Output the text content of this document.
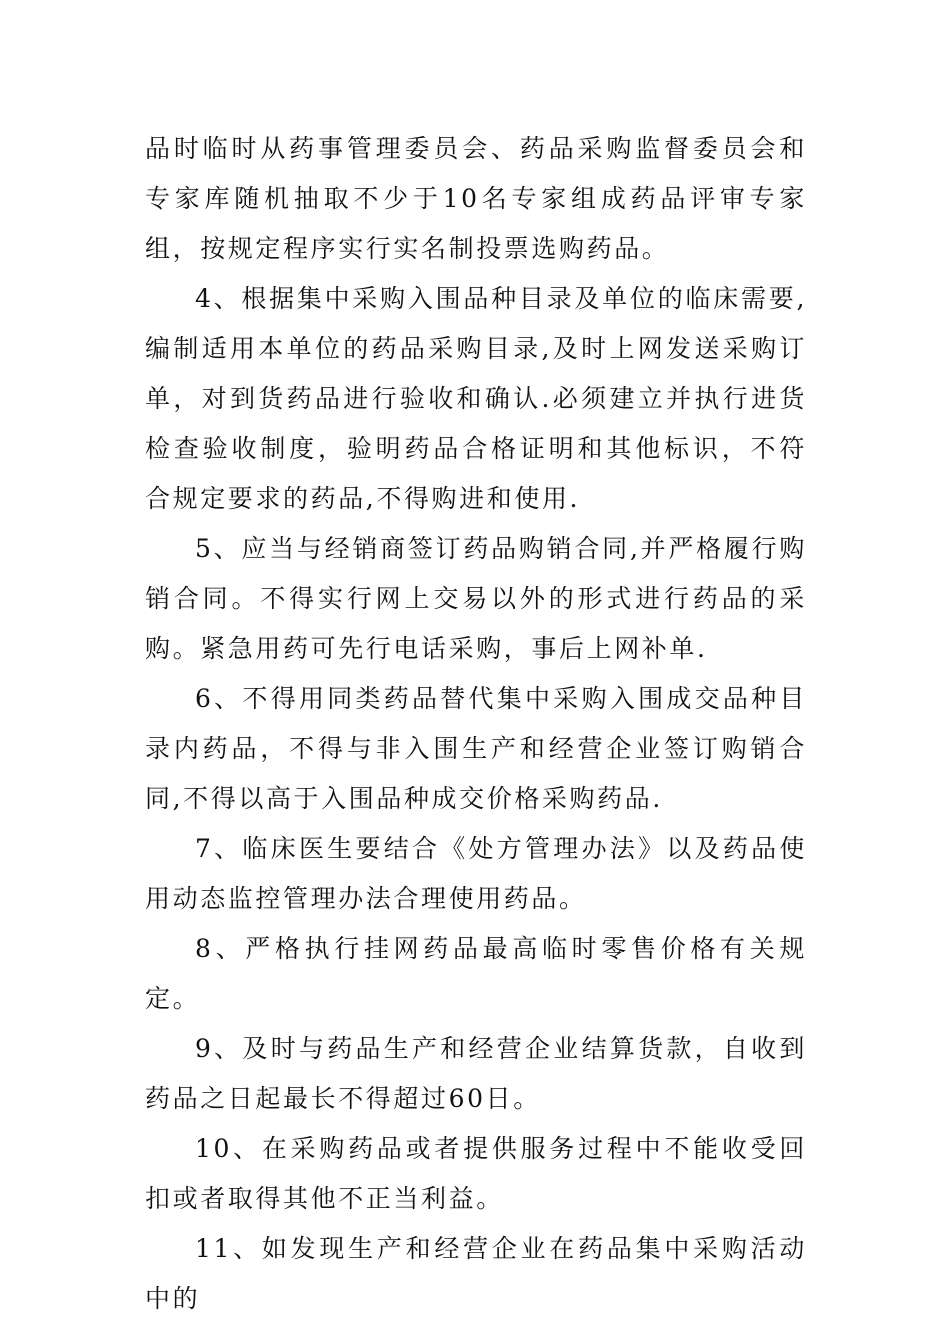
品时临时从药事管理委员会、药品采购监督委员会和专家库随机抽取不少于10名专家组成药品评审专家组，按规定程序实行实名制投票选购药品。

4、根据集中采购入围品种目录及单位的临床需要,编制适用本单位的药品采购目录,及时上网发送采购订单，对到货药品进行验收和确认.必须建立并执行进货检查验收制度，验明药品合格证明和其他标识，不符合规定要求的药品,不得购进和使用.

5、应当与经销商签订药品购销合同,并严格履行购销合同。不得实行网上交易以外的形式进行药品的采购。紧急用药可先行电话采购，事后上网补单.

6、不得用同类药品替代集中采购入围成交品种目录内药品，不得与非入围生产和经营企业签订购销合同,不得以高于入围品种成交价格采购药品.

7、临床医生要结合《处方管理办法》以及药品使用动态监控管理办法合理使用药品。

8、严格执行挂网药品最高临时零售价格有关规定。

9、及时与药品生产和经营企业结算货款，自收到药品之日起最长不得超过60日。

10、在采购药品或者提供服务过程中不能收受回扣或者取得其他不正当利益。

11、如发现生产和经营企业在药品集中采购活动中的
